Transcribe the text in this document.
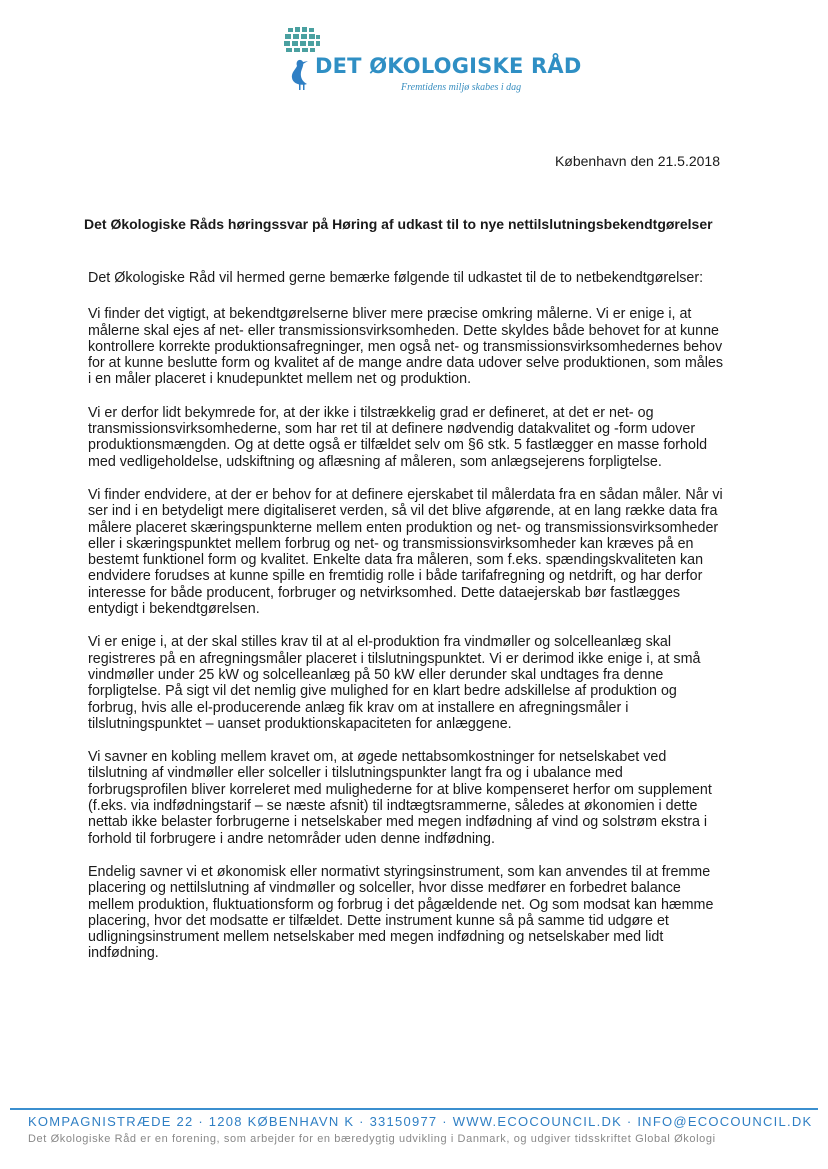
DET ØKOLOGISKE RÅD
Fremtidens miljø skabes i dag
København den 21.5.2018
Det Økologiske Råds høringssvar på Høring af udkast til to nye nettilslutningsbekendtgørelser

Det Økologiske Råd vil hermed gerne bemærke følgende til udkastet til de to netbekendtgørelser:

Vi finder det vigtigt, at bekendtgørelserne bliver mere præcise omkring målerne. Vi er enige i, at målerne skal ejes af net- eller transmissionsvirksomheden. Dette skyldes både behovet for at kunne kontrollere korrekte produktionsafregninger, men også net- og transmissionsvirksomhedernes behov for at kunne beslutte form og kvalitet af de mange andre data udover selve produktionen, som måles i en måler placeret i knudepunktet mellem net og produktion.

Vi er derfor lidt bekymrede for, at der ikke i tilstrækkelig grad er defineret, at det er net- og transmissionsvirksomhederne, som har ret til at definere nødvendig datakvalitet og -form udover produktionsmængden. Og at dette også er tilfældet selv om §6 stk. 5 fastlægger en masse forhold med vedligeholdelse, udskiftning og aflæsning af måleren, som anlægsejerens forpligtelse.

Vi finder endvidere, at der er behov for at definere ejerskabet til målerdata fra en sådan måler. Når vi ser ind i en betydeligt mere digitaliseret verden, så vil det blive afgørende, at en lang række data fra målere placeret skæringspunkterne mellem enten produktion og net- og transmissionsvirksomheder eller i skæringspunktet mellem forbrug og net- og transmissionsvirksomheder kan kræves på en bestemt funktionel form og kvalitet. Enkelte data fra måleren, som f.eks. spændingskvaliteten kan endvidere forudses at kunne spille en fremtidig rolle i både tarifafregning og netdrift, og har derfor interesse for både producent, forbruger og netvirksomhed. Dette dataejerskab bør fastlægges entydigt i bekendtgørelsen.

Vi er enige i, at der skal stilles krav til at al el-produktion fra vindmøller og solcelleanlæg skal registreres på en afregningsmåler placeret i tilslutningspunktet. Vi er derimod ikke enige i, at små vindmøller under 25 kW og solcelleanlæg på 50 kW eller derunder skal undtages fra denne forpligtelse. På sigt vil det nemlig give mulighed for en klart bedre adskillelse af produktion og forbrug, hvis alle el-producerende anlæg fik krav om at installere en afregningsmåler i tilslutningspunktet – uanset produktionskapaciteten for anlæggene.

Vi savner en kobling mellem kravet om, at øgede nettabsomkostninger for netselskabet ved tilslutning af vindmøller eller solceller i tilslutningspunkter langt fra og i ubalance med forbrugsprofilen bliver korreleret med mulighederne for at blive kompenseret herfor om supplement (f.eks. via indfødningstarif – se næste afsnit) til indtægtsrammerne, således at økonomien i dette nettab ikke belaster forbrugerne i netselskaber med megen indfødning af vind og solstrøm ekstra i forhold til forbrugere i andre netområder uden denne indfødning.

Endelig savner vi et økonomisk eller normativt styringsinstrument, som kan anvendes til at fremme placering og nettilslutning af vindmøller og solceller, hvor disse medfører en forbedret balance mellem produktion, fluktuationsform og forbrug i det pågældende net. Og som modsat kan hæmme placering, hvor det modsatte er tilfældet. Dette instrument kunne så på samme tid udgøre et udligningsinstrument mellem netselskaber med megen indfødning og netselskaber med lidt indfødning.

KOMPAGNISTRÆDE 22 · 1208 KØBENHAVN K · 33150977 · WWW.ECOCOUNCIL.DK · INFO@ECOCOUNCIL.DK
Det Økologiske Råd er en forening, som arbejder for en bæredygtig udvikling i Danmark, og udgiver tidsskriftet Global Økologi
